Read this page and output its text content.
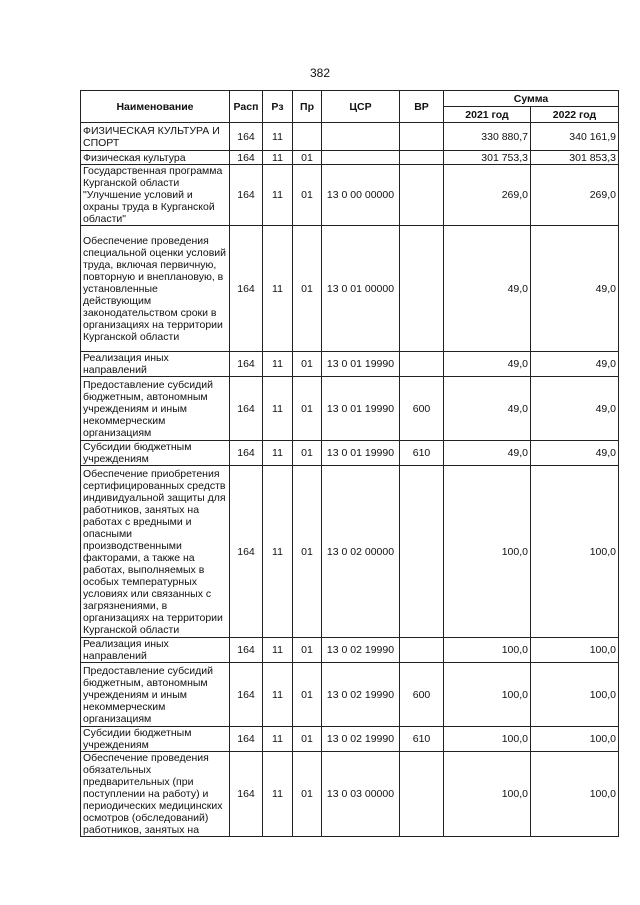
382
Наименование	Расп	Рз	Пр	ЦСР	ВР	Сумма	
						2021 год	2022 год
ФИЗИЧЕСКАЯ КУЛЬТУРА И СПОРТ	164	11				330 880,7	340 161,9
Физическая культура	164	11	01			301 753,3	301 853,3
Государственная программа Курганской области "Улучшение условий и охраны труда в Курганской области"	164	11	01	13 0 00 00000		269,0	269,0
Обеспечение проведения специальной оценки условий труда, включая первичную, повторную и внеплановую, в установленные действующим законодательством сроки в организациях на территории Курганской области	164	11	01	13 0 01 00000		49,0	49,0
Реализация иных направлений	164	11	01	13 0 01 19990		49,0	49,0
Предоставление субсидий бюджетным, автономным учреждениям и иным некоммерческим организациям	164	11	01	13 0 01 19990	600	49,0	49,0
Субсидии бюджетным учреждениям	164	11	01	13 0 01 19990	610	49,0	49,0
Обеспечение приобретения сертифицированных средств индивидуальной защиты для работников, занятых на работах с вредными и опасными производственными факторами, а также на работах, выполняемых в особых температурных условиях или связанных с загрязнениями, в организациях на территории Курганской области	164	11	01	13 0 02 00000		100,0	100,0
Реализация иных направлений	164	11	01	13 0 02 19990		100,0	100,0
Предоставление субсидий бюджетным, автономным учреждениям и иным некоммерческим организациям	164	11	01	13 0 02 19990	600	100,0	100,0
Субсидии бюджетным учреждениям	164	11	01	13 0 02 19990	610	100,0	100,0
Обеспечение проведения обязательных предварительных (при поступлении на работу) и периодических медицинских осмотров (обследований) работников, занятых на	164	11	01	13 0 03 00000		100,0	100,0
